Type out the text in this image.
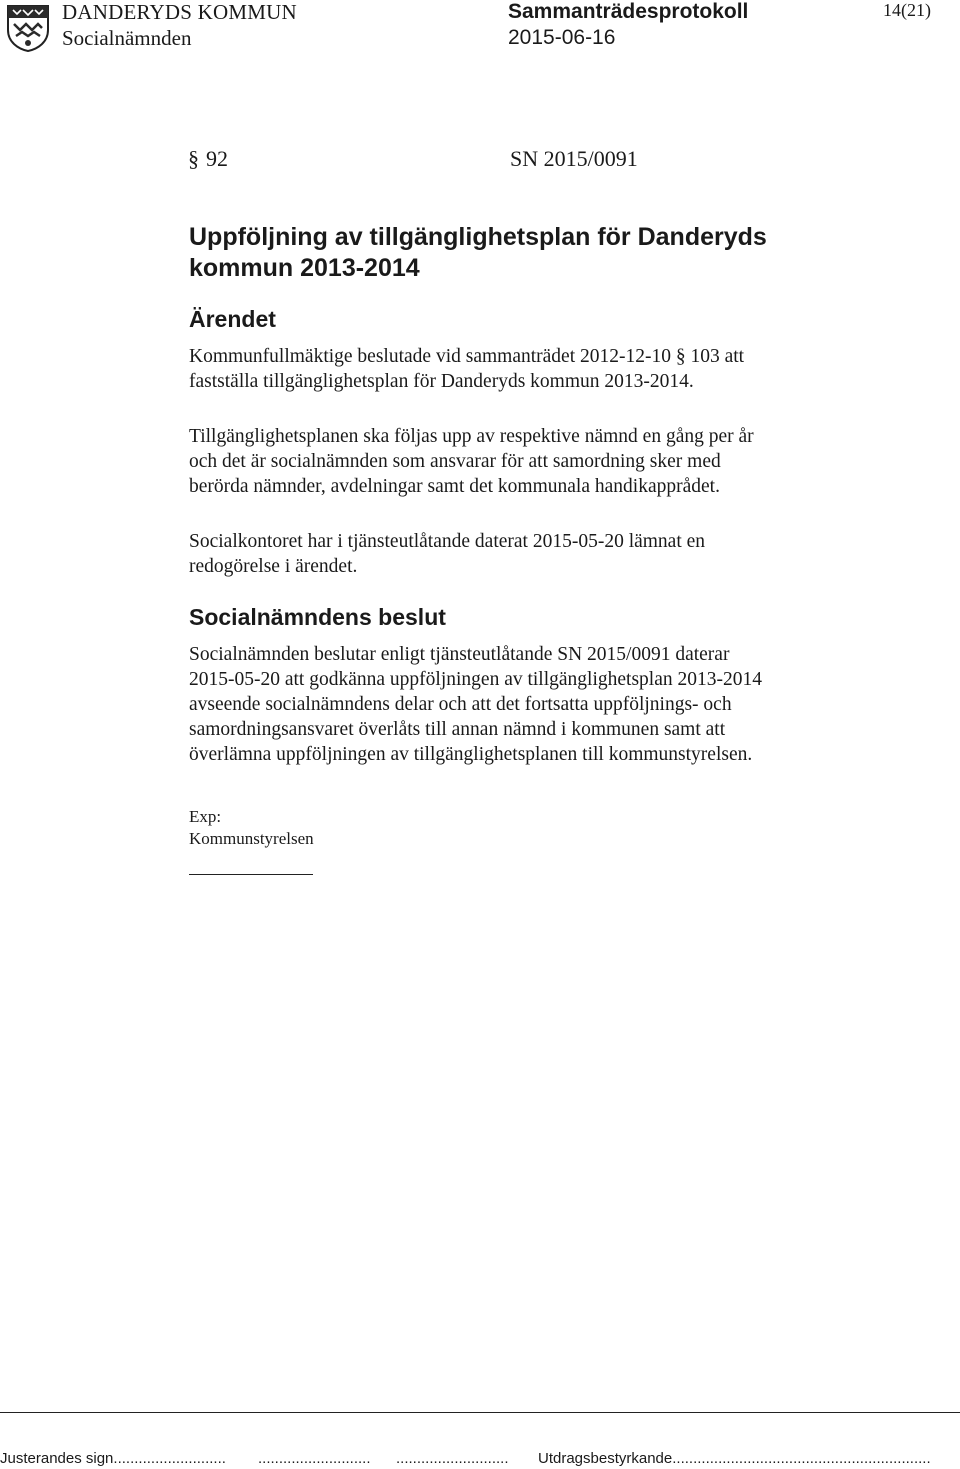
DANDERYDS KOMMUN
Socialnämnden
Sammanträdesprotokoll
2015-06-16
14(21)
§ 92	SN 2015/0091
Uppföljning av tillgänglighetsplan för Danderyds
kommun 2013-2014
Ärendet

Kommunfullmäktige beslutade vid sammanträdet 2012-12-10 § 103 att
fastställa tillgänglighetsplan för Danderyds kommun 2013-2014.

Tillgänglighetsplanen ska följas upp av respektive nämnd en gång per år
och det är socialnämnden som ansvarar för att samordning sker med
berörda nämnder, avdelningar samt det kommunala handikapprådet.

Socialkontoret har i tjänsteutlåtande daterat 2015-05-20 lämnat en
redogörelse i ärendet.

Socialnämndens beslut

Socialnämnden beslutar enligt tjänsteutlåtande SN 2015/0091 daterar
2015-05-20 att godkänna uppföljningen av tillgänglighetsplan 2013-2014
avseende socialnämndens delar och att det fortsatta uppföljnings- och
samordningsansvaret överlåts till annan nämnd i kommunen samt att
överlämna uppföljningen av tillgänglighetsplanen till kommunstyrelsen.

Exp:
Kommunstyrelsen
Justerandes sign........................... ........................... ........................... Utdragsbestyrkande..............................................................
